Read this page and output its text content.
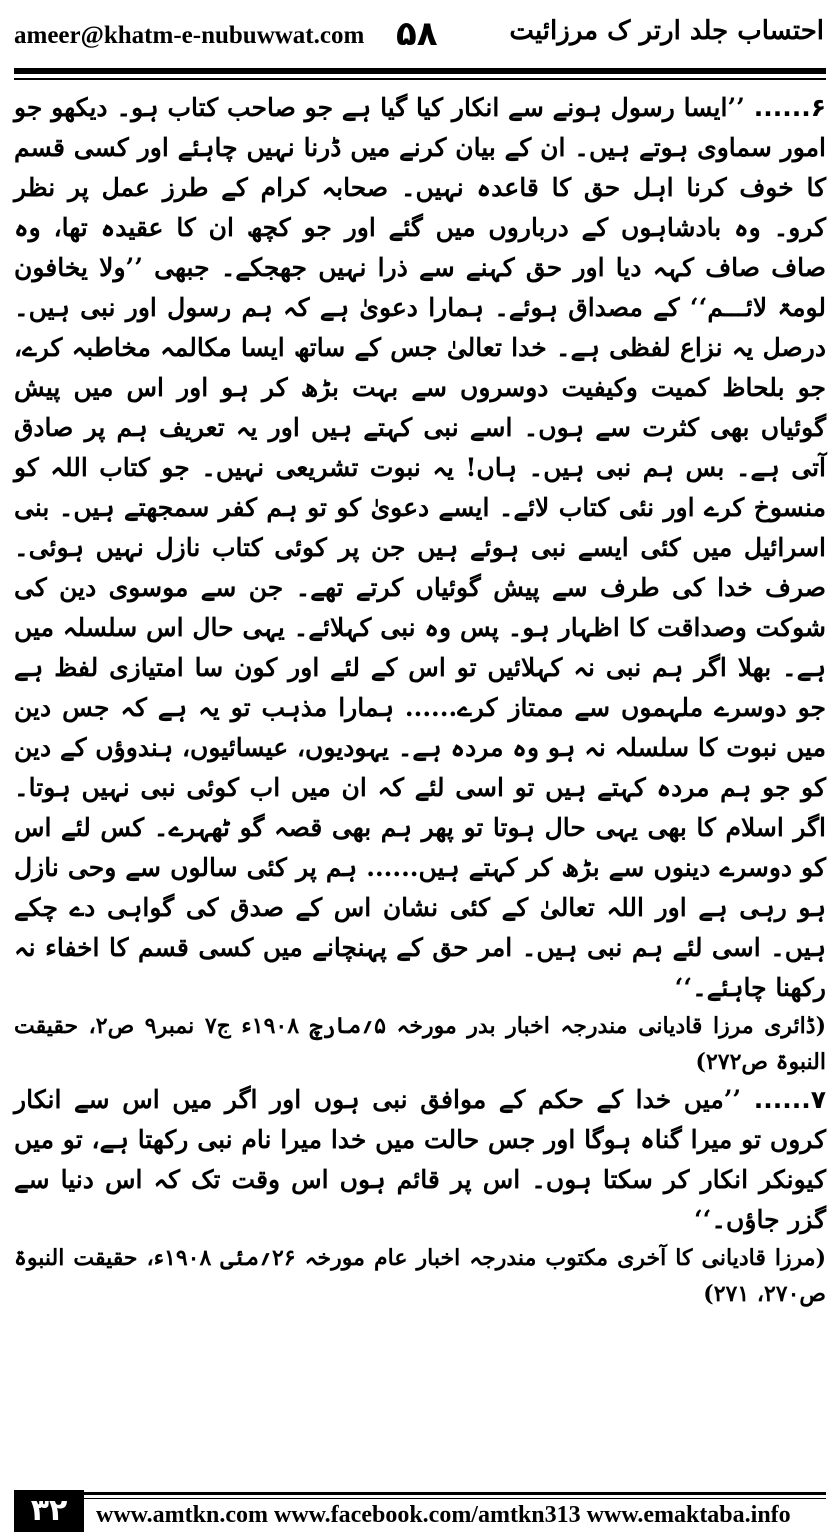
ameer@khatm-e-nubuwwat.com ۵۸	احتساب جلد ارتر ک مرزائیت

۶...... ’’ایسا رسول ہونے سے انکار کیا گیا ہے جو صاحب کتاب ہو۔ دیکھو جو امور سماوی ہوتے ہیں۔ ان کے بیان کرنے میں ڈرنا نہیں چاہئے اور کسی قسم کا خوف کرنا اہل حق کا قاعدہ نہیں۔ صحابہ کرام کے طرز عمل پر نظر کرو۔ وہ بادشاہوں کے درباروں میں گئے اور جو کچھ ان کا عقیدہ تھا، وہ صاف صاف کہہ دیا اور حق کہنے سے ذرا نہیں جھجکے۔ جبھی ’’ولا یخافون لومۃ لائـــم‘‘ کے مصداق ہوئے۔ ہمارا دعویٰ ہے کہ ہم رسول اور نبی ہیں۔ درصل یہ نزاع لفظی ہے۔ خدا تعالیٰ جس کے ساتھ ایسا مکالمہ مخاطبہ کرے، جو بلحاظ کمیت وکیفیت دوسروں سے بہت بڑھ کر ہو اور اس میں پیش گوئیاں بھی کثرت سے ہوں۔ اسے نبی کہتے ہیں اور یہ تعریف ہم پر صادق آتی ہے۔ بس ہم نبی ہیں۔ ہاں! یہ نبوت تشریعی نہیں۔ جو کتاب اللہ کو منسوخ کرے اور نئی کتاب لائے۔ ایسے دعویٰ کو تو ہم کفر سمجھتے ہیں۔ بنی اسرائیل میں کئی ایسے نبی ہوئے ہیں جن پر کوئی کتاب نازل نہیں ہوئی۔ صرف خدا کی طرف سے پیش گوئیاں کرتے تھے۔ جن سے موسوی دین کی شوکت وصداقت کا اظہار ہو۔ پس وہ نبی کہلائے۔ یہی حال اس سلسلہ میں ہے۔ بھلا اگر ہم نبی نہ کہلائیں تو اس کے لئے اور کون سا امتیازی لفظ ہے جو دوسرے ملہموں سے ممتاز کرے...... ہمارا مذہب تو یہ ہے کہ جس دین میں نبوت کا سلسلہ نہ ہو وہ مردہ ہے۔ یہودیوں، عیسائیوں، ہندوؤں کے دین کو جو ہم مردہ کہتے ہیں تو اسی لئے کہ ان میں اب کوئی نبی نہیں ہوتا۔ اگر اسلام کا بھی یہی حال ہوتا تو پھر ہم بھی قصہ گو ٹھہرے۔ کس لئے اس کو دوسرے دینوں سے بڑھ کر کہتے ہیں...... ہم پر کئی سالوں سے وحی نازل ہو رہی ہے اور اللہ تعالیٰ کے کئی نشان اس کے صدق کی گواہی دے چکے ہیں۔ اسی لئے ہم نبی ہیں۔ امر حق کے پہنچانے میں کسی قسم کا اخفاء نہ رکھنا چاہئے۔‘‘

(ڈائری مرزا قادیانی مندرجہ اخبار بدر مورخہ ۵؍مارچ ۱۹۰۸ء ج۷ نمبر۹ ص۲، حقیقت النبوۃ ص۲۷۲)

۷...... ’’میں خدا کے حکم کے موافق نبی ہوں اور اگر میں اس سے انکار کروں تو میرا گناہ ہوگا اور جس حالت میں خدا میرا نام نبی رکھتا ہے، تو میں کیونکر انکار کر سکتا ہوں۔ اس پر قائم ہوں اس وقت تک کہ اس دنیا سے گزر جاؤں۔‘‘

(مرزا قادیانی کا آخری مکتوب مندرجہ اخبار عام مورخہ ۲۶؍مئی ۱۹۰۸ء، حقیقت النبوۃ ص۲۷۰، ۲۷۱)

۳۲	www.amtkn.com www.facebook.com/amtkn313 www.emaktaba.info
